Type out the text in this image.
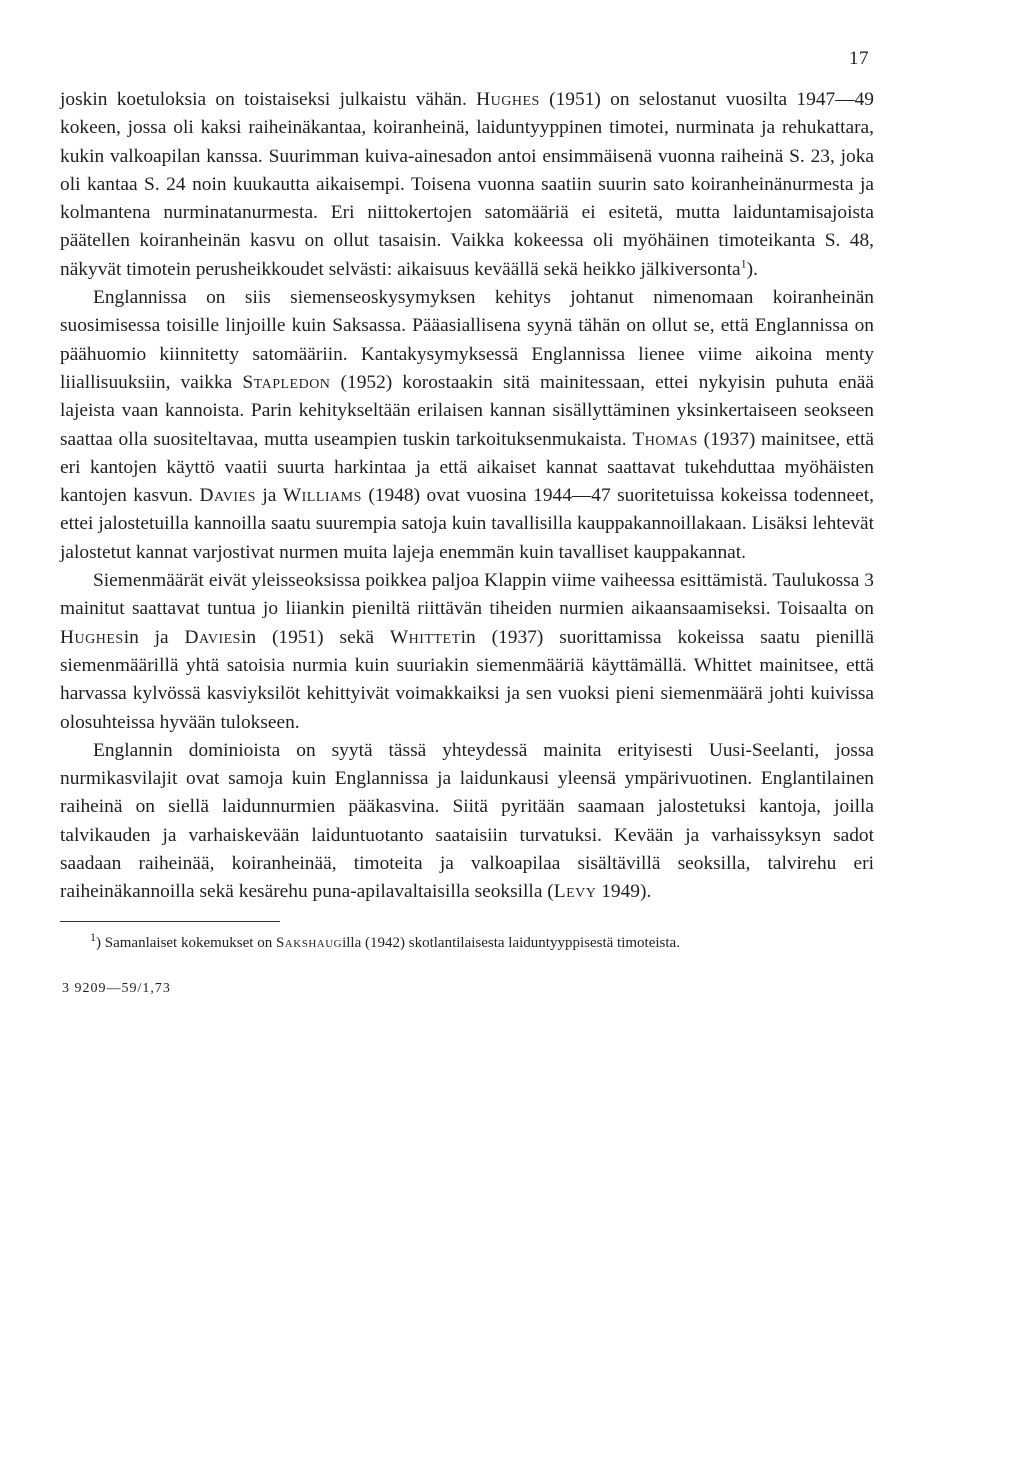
17

joskin koetuloksia on toistaiseksi julkaistu vähän. Hughes (1951) on selostanut vuosilta 1947—49 kokeen, jossa oli kaksi raiheinäkantaa, koiranheinä, laiduntyyppinen timotei, nurminata ja rehukattara, kukin valkoapilan kanssa. Suurimman kuiva-ainesadon antoi ensimmäisenä vuonna raiheinä S. 23, joka oli kantaa S. 24 noin kuukautta aikaisempi. Toisena vuonna saatiin suurin sato koiranheinänurmesta ja kolmantena nurminatanurmesta. Eri niittokertojen satomääriä ei esitetä, mutta laiduntamisajoista päätellen koiranheinän kasvu on ollut tasaisin. Vaikka kokeessa oli myöhäinen timoteikanta S. 48, näkyvät timotein perusheikkoudet selvästi: aikaisuus keväällä sekä heikko jälkiversonta$^1$).

Englannissa on siis siemenseoskysymyksen kehitys johtanut nimenomaan koiranheinän suosimisessa toisille linjoille kuin Saksassa. Pääasiallisena syynä tähän on ollut se, että Englannissa on päähuomio kiinnitetty satomääriin. Kantakysymyksessä Englannissa lienee viime aikoina menty liiallisuuksiin, vaikka Stapledon (1952) korostaakin sitä mainitessaan, ettei nykyisin puhuta enää lajeista vaan kannoista. Parin kehitykseltään erilaisen kannan sisällyttäminen yksinkertaiseen seokseen saattaa olla suositeltavaa, mutta useampien tuskin tarkoituksenmukaista. Thomas (1937) mainitsee, että eri kantojen käyttö vaatii suurta harkintaa ja että aikaiset kannat saattavat tukehduttaa myöhäisten kantojen kasvun. Davies ja Williams (1948) ovat vuosina 1944—47 suoritetuissa kokeissa todenneet, ettei jalostetuilla kannoilla saatu suurempia satoja kuin tavallisilla kauppakannoillakaan. Lisäksi lehtevät jalostetut kannat varjostivat nurmen muita lajeja enemmän kuin tavalliset kauppakannat.

Siemenmäärät eivät yleisseoksissa poikkea paljoa Klappin viime vaiheessa esittämistä. Taulukossa 3 mainitut saattavat tuntua jo liiankin pieniltä riittävän tiheiden nurmien aikaansaamiseksi. Toisaalta on Hughesin ja Daviesin (1951) sekä Whittetin (1937) suorittamissa kokeissa saatu pienillä siemenmäärillä yhtä satoisia nurmia kuin suuriakin siemenmääriä käyttämällä. Whittet mainitsee, että harvassa kylvössä kasviyksilöt kehittyivät voimakkaiksi ja sen vuoksi pieni siemenmäärä johti kuivissa olosuhteissa hyvään tulokseen.

Englannin dominioista on syytä tässä yhteydessä mainita erityisesti Uusi-Seelanti, jossa nurmikasvilajit ovat samoja kuin Englannissa ja laidunkausi yleensä ympärivuotinen. Englantilainen raiheinä on siellä laidunnurmien pääkasvina. Siitä pyritään saamaan jalostetuksi kantoja, joilla talvikauden ja varhaiskevään laiduntuotanto saataisiin turvatuksi. Kevään ja varhaissyksyn sadot saadaan raiheinää, koiranheinää, timoteita ja valkoapilaa sisältävillä seoksilla, talvirehu eri raiheinäkannoilla sekä kesärehu puna-apilavaltaisilla seoksilla (Levy 1949).

$^1$) Samanlaiset kokemukset on Sakshaugilla (1942) skotlantilaisesta laiduntyyppisestä timoteista.
3 9209—59/1,73
